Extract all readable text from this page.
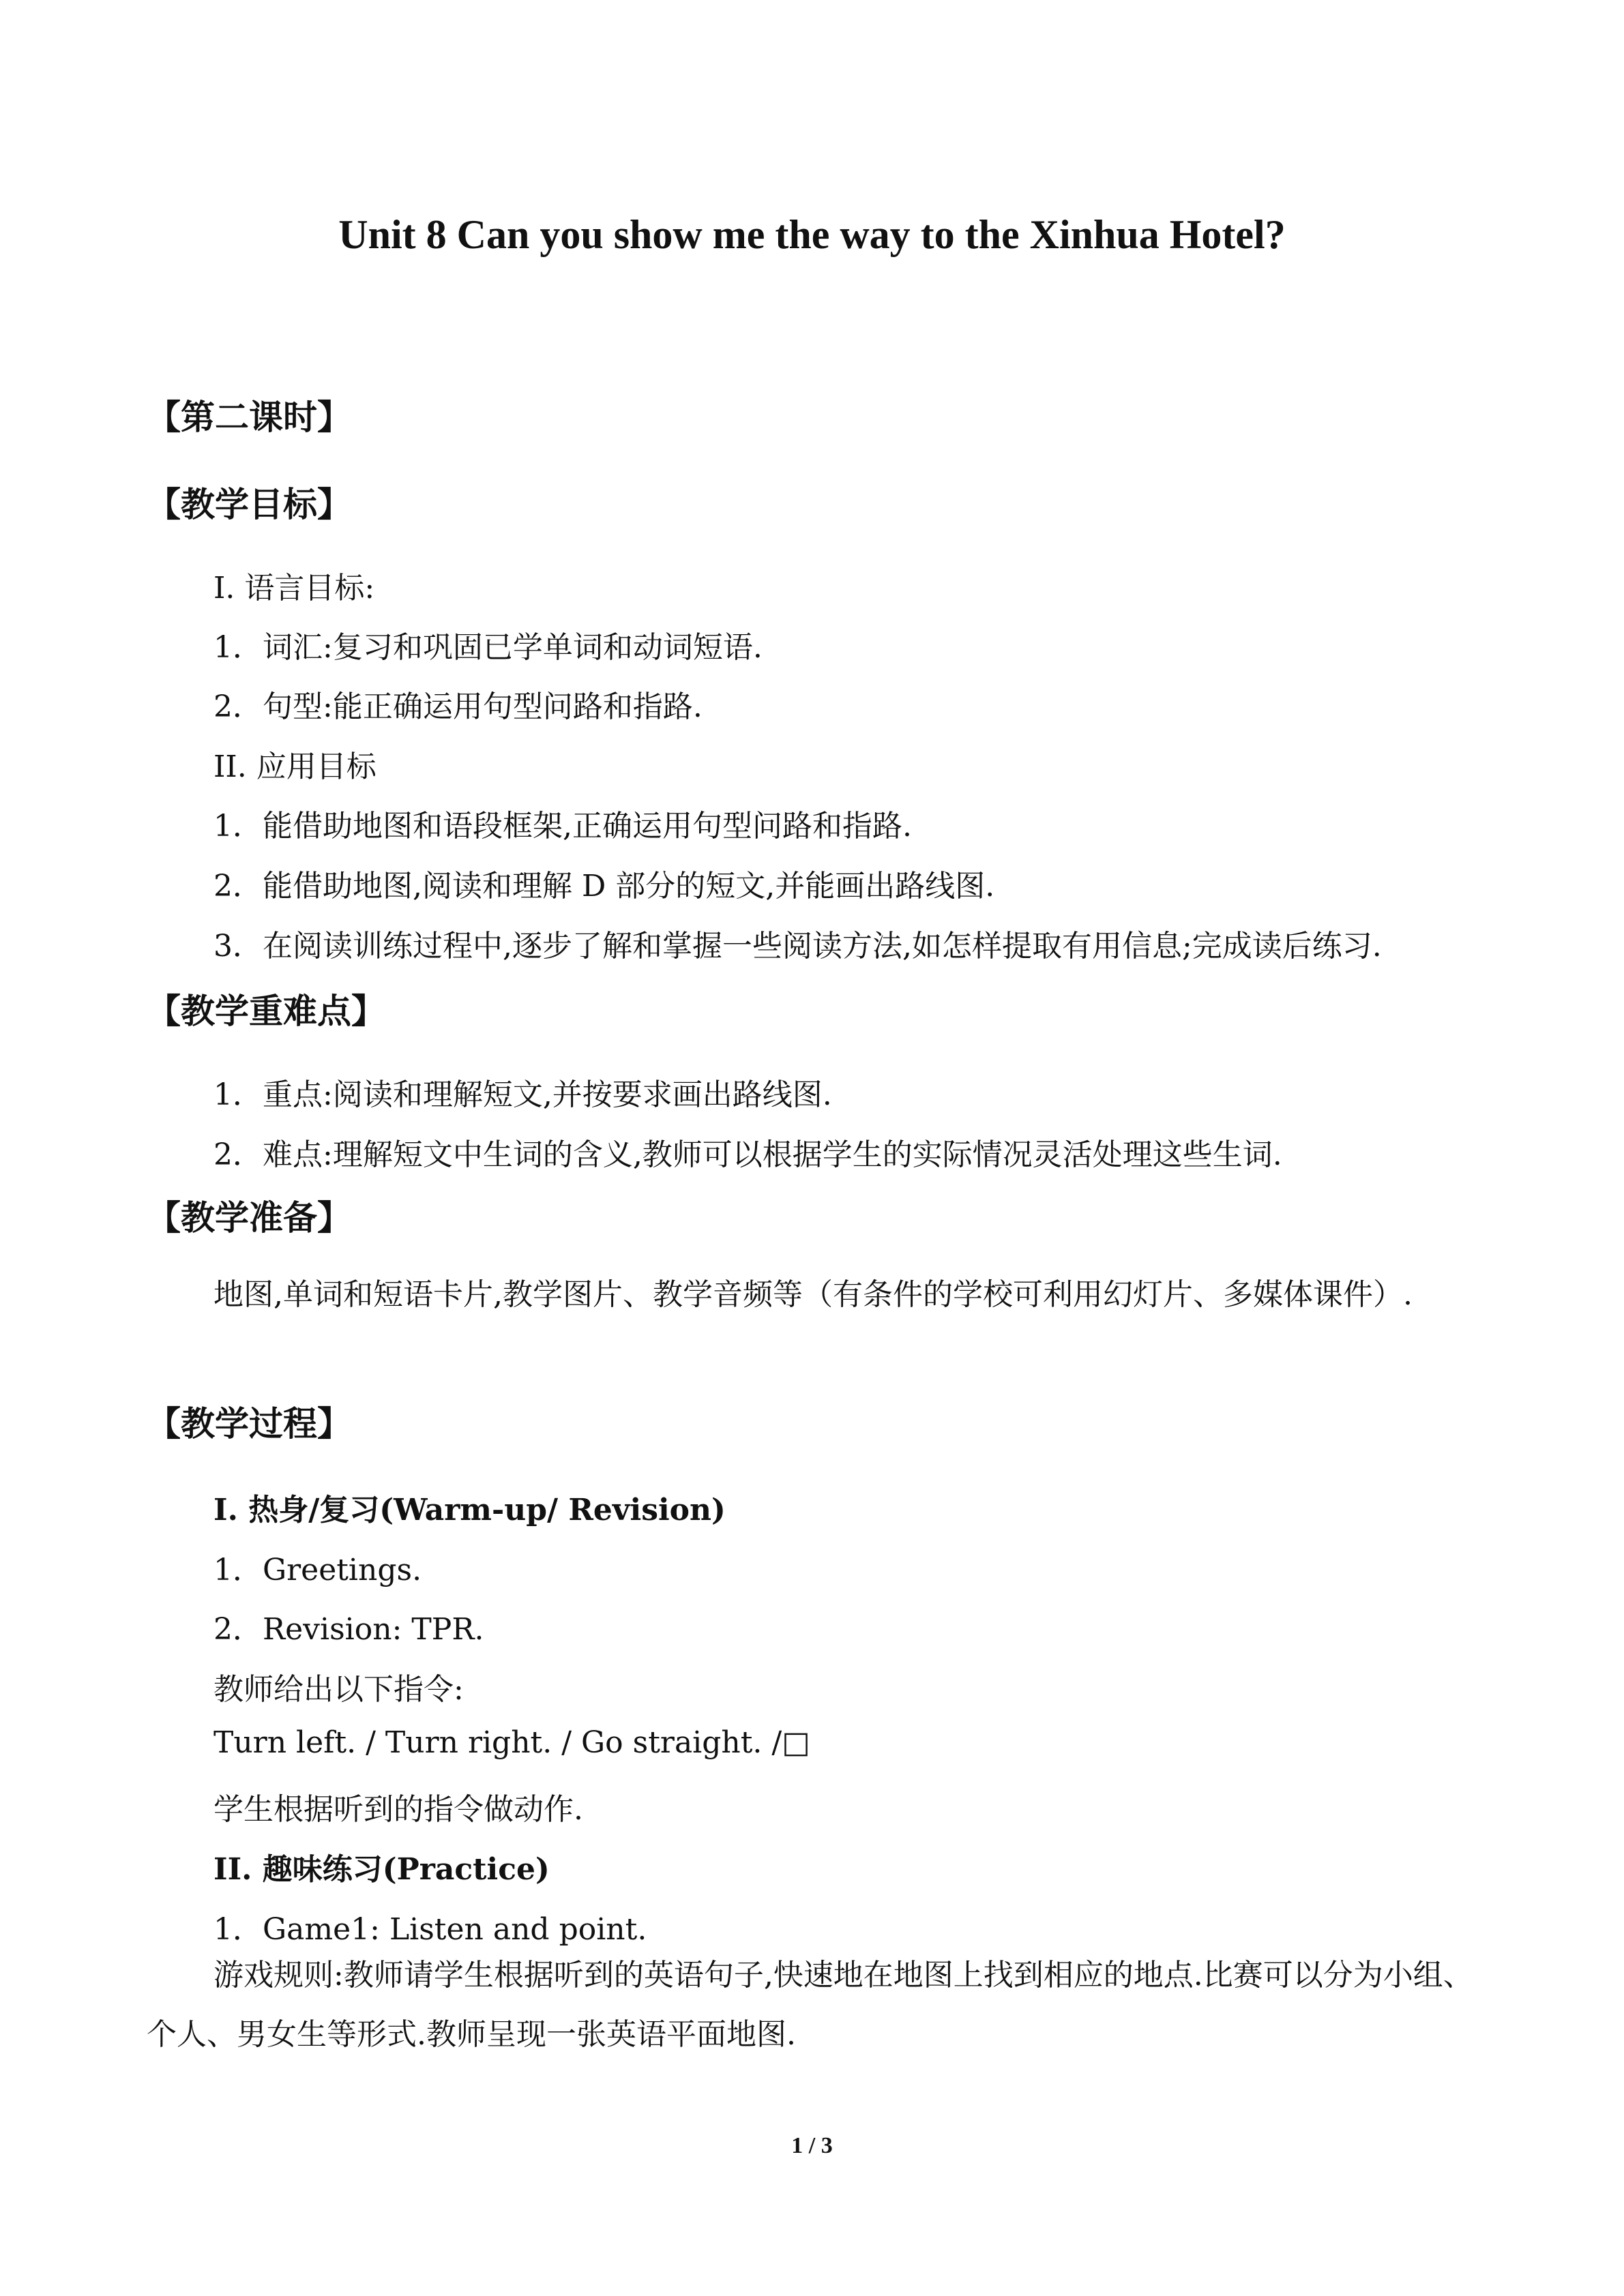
Unit 8 Can you show me the way to the Xinhua Hotel?

【第二课时】

【教学目标】

I. 语言目标:

1．词汇:复习和巩固已学单词和动词短语.

2．句型:能正确运用句型问路和指路.

II. 应用目标

1．能借助地图和语段框架,正确运用句型问路和指路.

2．能借助地图,阅读和理解 D 部分的短文,并能画出路线图.

3．在阅读训练过程中,逐步了解和掌握一些阅读方法,如怎样提取有用信息;完成读后练习.

【教学重难点】

1．重点:阅读和理解短文,并按要求画出路线图.

2．难点:理解短文中生词的含义,教师可以根据学生的实际情况灵活处理这些生词.

【教学准备】

地图,单词和短语卡片,教学图片、教学音频等（有条件的学校可利用幻灯片、多媒体课件）.

【教学过程】

I. 热身/复习(Warm-up/ Revision)

1．Greetings.

2．Revision: TPR.

教师给出以下指令:

Turn left. / Turn right. / Go straight. /□

学生根据听到的指令做动作.

II. 趣味练习(Practice)

1．Game1: Listen and point.

游戏规则:教师请学生根据听到的英语句子,快速地在地图上找到相应的地点.比赛可以分为小组、个人、男女生等形式.教师呈现一张英语平面地图.

1 / 3
